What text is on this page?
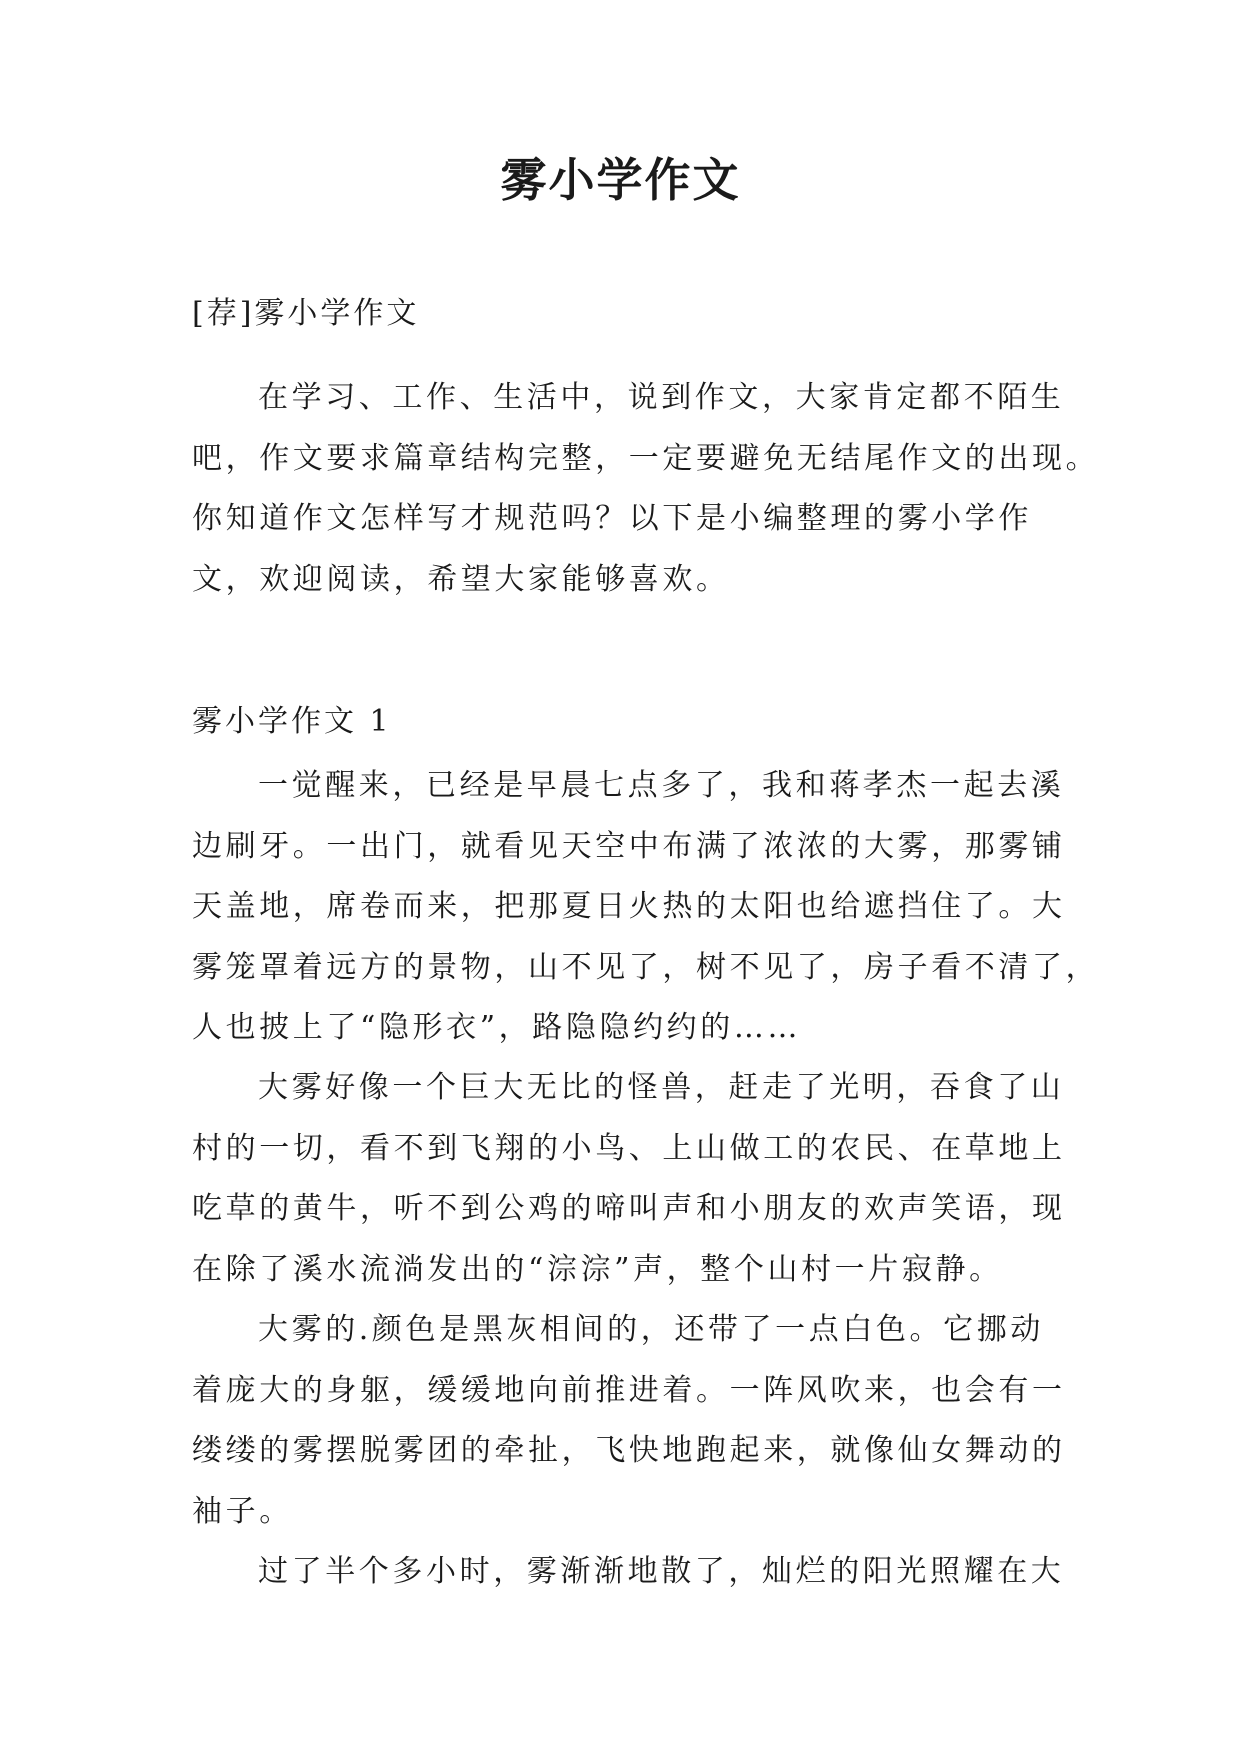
雾小学作文

[荐]雾小学作文

在学习、工作、生活中，说到作文，大家肯定都不陌生
吧，作文要求篇章结构完整，一定要避免无结尾作文的出现。
你知道作文怎样写才规范吗？以下是小编整理的雾小学作
文，欢迎阅读，希望大家能够喜欢。

雾小学作文 1

一觉醒来，已经是早晨七点多了，我和蒋孝杰一起去溪
边刷牙。一出门，就看见天空中布满了浓浓的大雾，那雾铺
天盖地，席卷而来，把那夏日火热的太阳也给遮挡住了。大
雾笼罩着远方的景物，山不见了，树不见了，房子看不清了，
人也披上了“隐形衣”，路隐隐约约的……
大雾好像一个巨大无比的怪兽，赶走了光明，吞食了山
村的一切，看不到飞翔的小鸟、上山做工的农民、在草地上
吃草的黄牛，听不到公鸡的啼叫声和小朋友的欢声笑语，现
在除了溪水流淌发出的“淙淙”声，整个山村一片寂静。
大雾的.颜色是黑灰相间的，还带了一点白色。它挪动
着庞大的身躯，缓缓地向前推进着。一阵风吹来，也会有一
缕缕的雾摆脱雾团的牵扯，飞快地跑起来，就像仙女舞动的
袖子。
过了半个多小时，雾渐渐地散了，灿烂的阳光照耀在大
